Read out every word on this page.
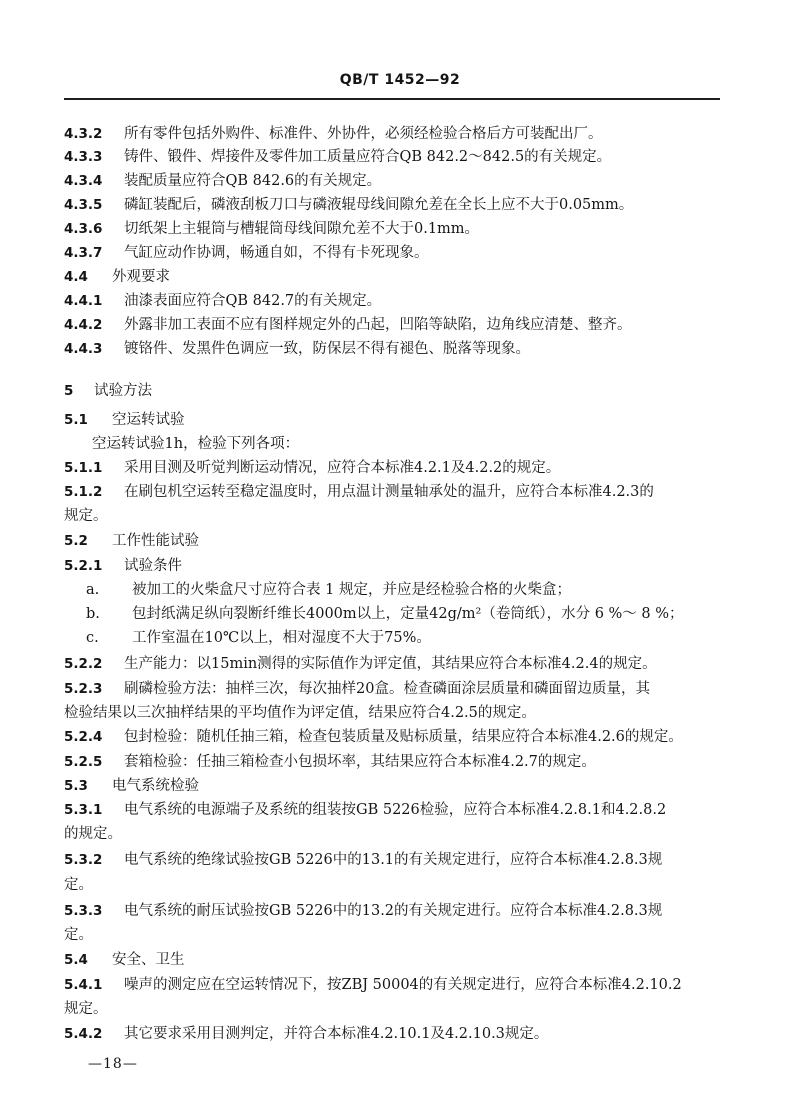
QB/T 1452—92
4.3.2 所有零件包括外购件、标准件、外协件，必须经检验合格后方可装配出厂。
4.3.3 铸件、锻件、焊接件及零件加工质量应符合QB 842.2～842.5的有关规定。
4.3.4 装配质量应符合QB 842.6的有关规定。
4.3.5 磷缸装配后，磷液刮板刀口与磷液辊母线间隙允差在全长上应不大于0.05mm。
4.3.6 切纸架上主辊筒与槽辊筒母线间隙允差不大于0.1mm。
4.3.7 气缸应动作协调，畅通自如，不得有卡死现象。
4.4 外观要求
4.4.1 油漆表面应符合QB 842.7的有关规定。
4.4.2 外露非加工表面不应有图样规定外的凸起，凹陷等缺陷，边角线应清楚、整齐。
4.4.3 镀铬件、发黑件色调应一致，防保层不得有褪色、脱落等现象。
5 试验方法
5.1 空运转试验
空运转试验1h，检验下列各项：
5.1.1 采用目测及听觉判断运动情况，应符合本标准4.2.1及4.2.2的规定。
5.1.2 在刷包机空运转至稳定温度时，用点温计测量轴承处的温升，应符合本标准4.2.3的
规定。
5.2 工作性能试验
5.2.1 试验条件
a. 被加工的火柴盒尺寸应符合表 1 规定，并应是经检验合格的火柴盒；
b. 包封纸满足纵向裂断纤维长4000m以上，定量42g/m²（卷筒纸），水分 6 %～ 8 %；
c. 工作室温在10℃以上，相对湿度不大于75%。
5.2.2 生产能力：以15min测得的实际值作为评定值，其结果应符合本标准4.2.4的规定。
5.2.3 刷磷检验方法：抽样三次，每次抽样20盒。检查磷面涂层质量和磷面留边质量，其
检验结果以三次抽样结果的平均值作为评定值，结果应符合4.2.5的规定。
5.2.4 包封检验：随机任抽三箱，检查包装质量及贴标质量，结果应符合本标准4.2.6的规定。
5.2.5 套箱检验：任抽三箱检查小包损坏率，其结果应符合本标准4.2.7的规定。
5.3 电气系统检验
5.3.1 电气系统的电源端子及系统的组装按GB 5226检验，应符合本标准4.2.8.1和4.2.8.2
的规定。
5.3.2 电气系统的绝缘试验按GB 5226中的13.1的有关规定进行，应符合本标准4.2.8.3规
定。
5.3.3 电气系统的耐压试验按GB 5226中的13.2的有关规定进行。应符合本标准4.2.8.3规
定。
5.4 安全、卫生
5.4.1 噪声的测定应在空运转情况下，按ZBJ 50004的有关规定进行，应符合本标准4.2.10.2
规定。
5.4.2 其它要求采用目测判定，并符合本标准4.2.10.1及4.2.10.3规定。
—18—
